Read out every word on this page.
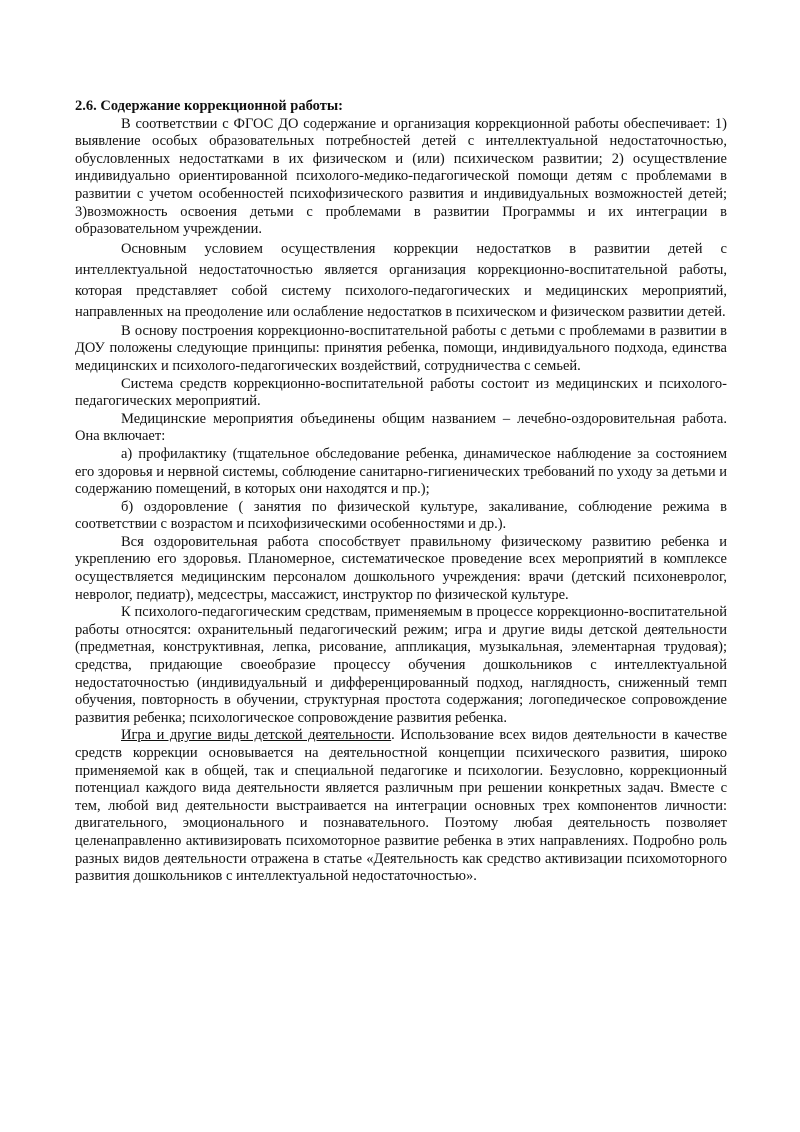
2.6. Содержание коррекционной работы:

В соответствии с ФГОС ДО содержание и организация коррекционной работы обеспечивает: 1) выявление особых образовательных потребностей детей с интеллектуальной недостаточностью, обусловленных недостатками в их физическом и (или) психическом развитии; 2) осуществление индивидуально ориентированной психолого-медико-педагогической помощи детям с проблемами в развитии с учетом особенностей психофизического развития и индивидуальных возможностей детей; 3)возможность освоения детьми с проблемами в развитии Программы и их интеграции в образовательном учреждении.

Основным условием осуществления коррекции недостатков в развитии детей с интеллектуальной недостаточностью является организация коррекционно-воспитательной работы, которая представляет собой систему психолого-педагогических и медицинских мероприятий, направленных на преодоление или ослабление недостатков в психическом и физическом развитии детей.

В основу построения коррекционно-воспитательной работы с детьми с проблемами в развитии в ДОУ положены следующие принципы: принятия ребенка, помощи, индивидуального подхода, единства медицинских и психолого-педагогических воздействий, сотрудничества с семьей.

Система средств коррекционно-воспитательной работы состоит из медицинских и психолого-педагогических мероприятий.

Медицинские мероприятия объединены общим названием – лечебно-оздоровительная работа. Она включает:

а) профилактику (тщательное обследование ребенка, динамическое наблюдение за состоянием его здоровья и нервной системы, соблюдение санитарно-гигиенических требований по уходу за детьми и содержанию помещений, в которых они находятся и пр.);

б) оздоровление ( занятия по физической культуре, закаливание, соблюдение режима в соответствии с возрастом и психофизическими особенностями и др.).

Вся оздоровительная работа способствует правильному физическому развитию ребенка и укреплению его здоровья. Планомерное, систематическое проведение всех мероприятий в комплексе осуществляется медицинским персоналом дошкольного учреждения: врачи (детский психоневролог, невролог, педиатр), медсестры, массажист, инструктор по физической культуре.

К психолого-педагогическим средствам, применяемым в процессе коррекционно-воспитательной работы относятся: охранительный педагогический режим; игра и другие виды детской деятельности (предметная, конструктивная, лепка, рисование, аппликация, музыкальная, элементарная трудовая); средства, придающие своеобразие процессу обучения дошкольников с интеллектуальной недостаточностью (индивидуальный и дифференцированный подход, наглядность, сниженный темп обучения, повторность в обучении, структурная простота содержания; логопедическое сопровождение развития ребенка; психологическое сопровождение развития ребенка.

Игра и другие виды детской деятельности. Использование всех видов деятельности в качестве средств коррекции основывается на деятельностной концепции психического развития, широко применяемой как в общей, так и специальной педагогике и психологии. Безусловно, коррекционный потенциал каждого вида деятельности является различным при решении конкретных задач. Вместе с тем, любой вид деятельности выстраивается на интеграции основных трех компонентов личности: двигательного, эмоционального и познавательного. Поэтому любая деятельность позволяет целенаправленно активизировать психомоторное развитие ребенка в этих направлениях. Подробно роль разных видов деятельности отражена в статье «Деятельность как средство активизации психомоторного развития дошкольников с интеллектуальной недостаточностью».
